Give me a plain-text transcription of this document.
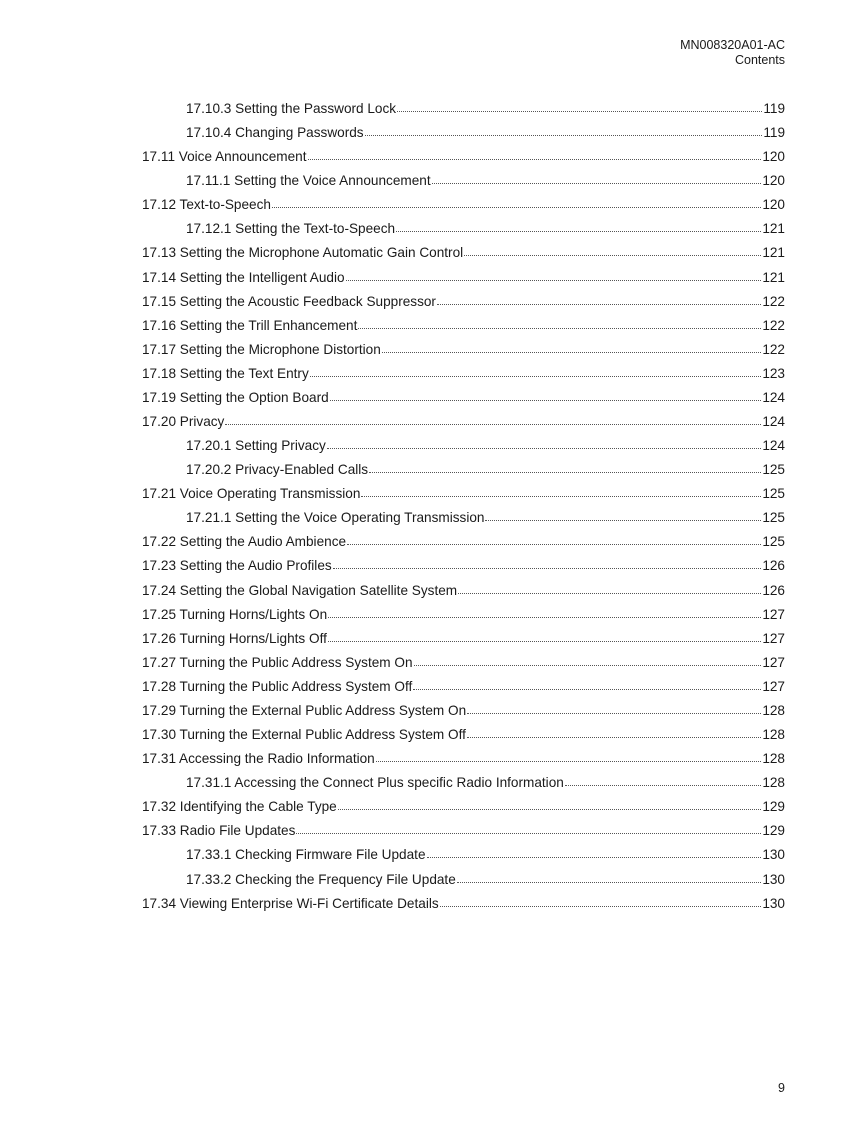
MN008320A01-AC
Contents
17.10.3 Setting the Password Lock	119
17.10.4 Changing Passwords	119
17.11 Voice Announcement	120
17.11.1 Setting the Voice Announcement	120
17.12 Text-to-Speech	120
17.12.1 Setting the Text-to-Speech	121
17.13 Setting the Microphone Automatic Gain Control	121
17.14 Setting the Intelligent Audio	121
17.15 Setting the Acoustic Feedback Suppressor	122
17.16 Setting the Trill Enhancement	122
17.17 Setting the Microphone Distortion	122
17.18 Setting the Text Entry	123
17.19 Setting the Option Board	124
17.20 Privacy	124
17.20.1 Setting Privacy	124
17.20.2 Privacy-Enabled Calls	125
17.21 Voice Operating Transmission	125
17.21.1 Setting the Voice Operating Transmission	125
17.22 Setting the Audio Ambience	125
17.23 Setting the Audio Profiles	126
17.24 Setting the Global Navigation Satellite System	126
17.25 Turning Horns/Lights On	127
17.26 Turning Horns/Lights Off	127
17.27 Turning the Public Address System On	127
17.28 Turning the Public Address System Off	127
17.29 Turning the External Public Address System On	128
17.30 Turning the External Public Address System Off	128
17.31 Accessing the Radio Information	128
17.31.1 Accessing the Connect Plus specific Radio Information	128
17.32 Identifying the Cable Type	129
17.33 Radio File Updates	129
17.33.1 Checking Firmware File Update	130
17.33.2 Checking the Frequency File Update	130
17.34 Viewing Enterprise Wi-Fi Certificate Details	130
9
